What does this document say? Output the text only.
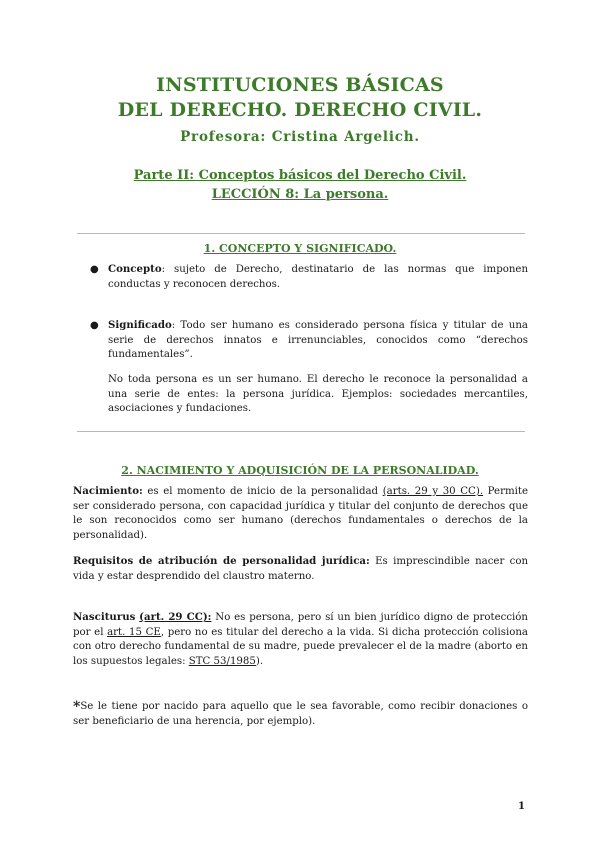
INSTITUCIONES BÁSICAS
DEL DERECHO. DERECHO CIVIL.
Profesora: Cristina Argelich.
Parte II: Conceptos básicos del Derecho Civil.
LECCIÓN 8: La persona.
1. CONCEPTO Y SIGNIFICADO.
● Concepto: sujeto de Derecho, destinatario de las normas que imponen conductas y reconocen derechos.
● Significado: Todo ser humano es considerado persona física y titular de una serie de derechos innatos e irrenunciables, conocidos como “derechos fundamentales”.
No toda persona es un ser humano. El derecho le reconoce la personalidad a una serie de entes: la persona jurídica. Ejemplos: sociedades mercantiles, asociaciones y fundaciones.
2. NACIMIENTO Y ADQUISICIÓN DE LA PERSONALIDAD.
Nacimiento: es el momento de inicio de la personalidad (arts. 29 y 30 CC). Permite ser considerado persona, con capacidad jurídica y titular del conjunto de derechos que le son reconocidos como ser humano (derechos fundamentales o derechos de la personalidad).
Requisitos de atribución de personalidad jurídica: Es imprescindible nacer con vida y estar desprendido del claustro materno.
Nasciturus (art. 29 CC): No es persona, pero sí un bien jurídico digno de protección por el art. 15 CE, pero no es titular del derecho a la vida. Si dicha protección colisiona con otro derecho fundamental de su madre, puede prevalecer el de la madre (aborto en los supuestos legales: STC 53/1985).
*Se le tiene por nacido para aquello que le sea favorable, como recibir donaciones o ser beneficiario de una herencia, por ejemplo).
1
